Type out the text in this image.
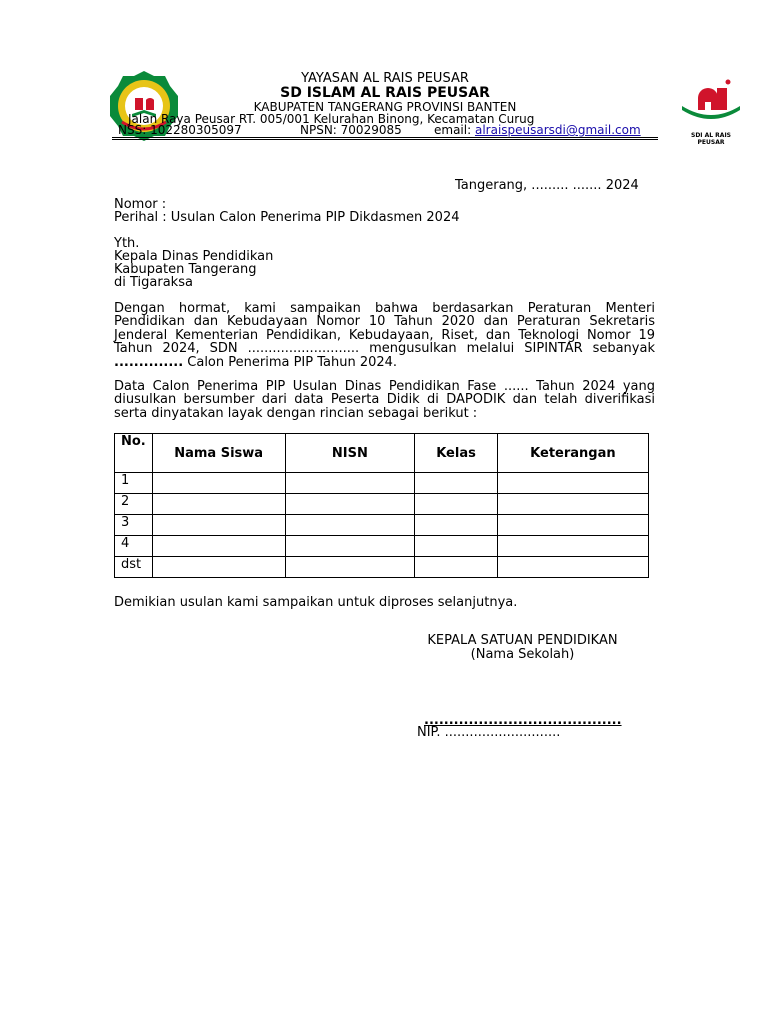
YAYASAN AL RAIS PEUSAR
SD ISLAM AL RAIS PEUSAR
KABUPATEN TANGERANG PROVINSI BANTEN
Jalan Raya Peusar RT. 005/001 Kelurahan Binong, Kecamatan Curug
NSS: 102280305097	NPSN: 70029085	email: alraispeusarsdi@gmail.com	SDI AL RAIS PEUSAR
Tangerang, ......... ....... 2024
Nomor :
Perihal : Usulan Calon Penerima PIP Dikdasmen 2024
Yth.
Kepala Dinas Pendidikan
Kabupaten Tangerang
di Tigaraksa
Dengan hormat, kami sampaikan bahwa berdasarkan Peraturan Menteri Pendidikan dan Kebudayaan Nomor 10 Tahun 2020 dan Peraturan Sekretaris Jenderal Kementerian Pendidikan, Kebudayaan, Riset, dan Teknologi Nomor 19 Tahun 2024, SDN ........................... mengusulkan melalui SIPINTAR sebanyak .............. Calon Penerima PIP Tahun 2024.
Data Calon Penerima PIP Usulan Dinas Pendidikan Fase ...... Tahun 2024 yang diusulkan bersumber dari data Peserta Didik di DAPODIK dan telah diverifikasi serta dinyatakan layak dengan rincian sebagai berikut :
No.	Nama Siswa	NISN	Kelas	Keterangan
1				
2				
3				
4				
dst				
Demikian usulan kami sampaikan untuk diproses selanjutnya.
KEPALA SATUAN PENDIDIKAN
(Nama Sekolah)
........................................
NIP. ............................
